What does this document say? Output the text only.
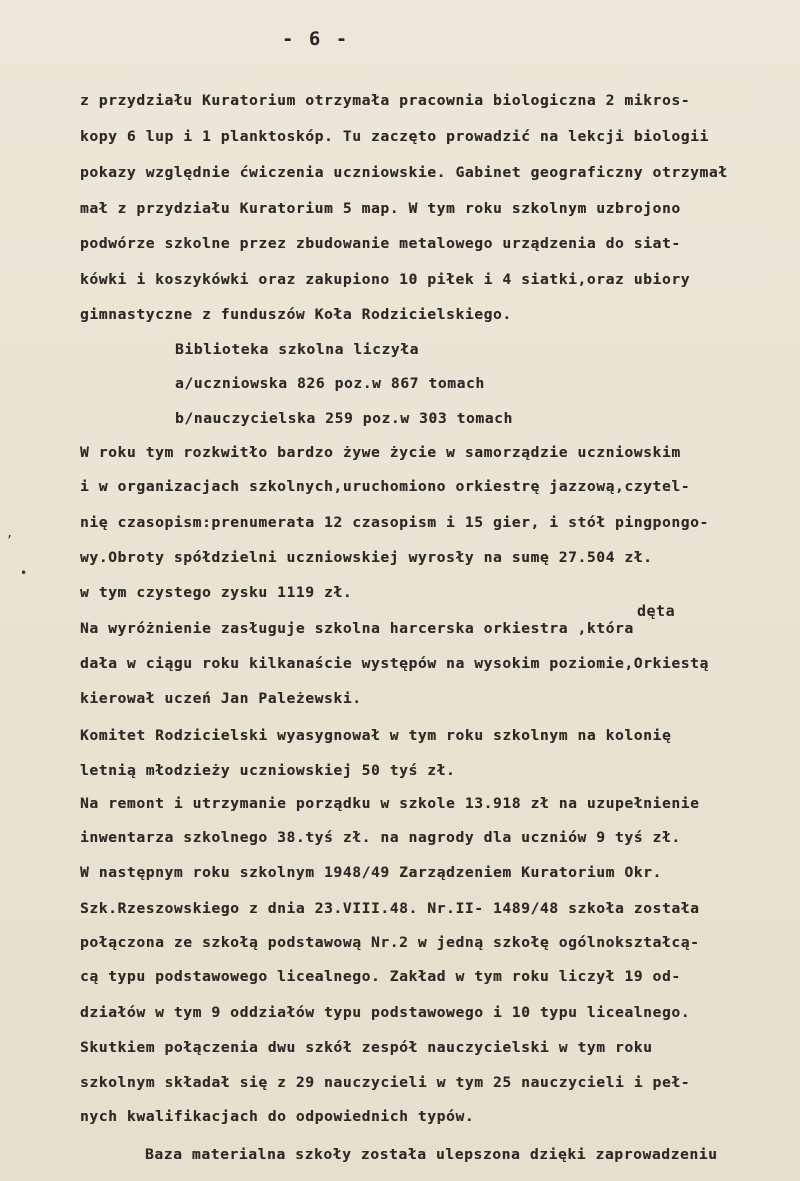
- 6 -
z przydziału Kuratorium otrzymała pracownia biologiczna 2 mikros-
kopy 6 lup i 1 planktoskóp. Tu zaczęto prowadzić na lekcji biologii
pokazy względnie ćwiczenia uczniowskie. Gabinet geograficzny otrzymał
mał z przydziału Kuratorium 5 map. W tym roku szkolnym uzbrojono
podwórze szkolne przez zbudowanie metalowego urządzenia do siat-
kówki i koszykówki oraz zakupiono 10 piłek i 4 siatki,oraz ubiory
gimnastyczne z funduszów Koła Rodzicielskiego.
Biblioteka szkolna liczyła
a/uczniowska 826 poz.w 867 tomach
b/nauczycielska 259 poz.w 303 tomach
W roku tym rozkwitło bardzo żywe życie w samorządzie uczniowskim
i w organizacjach szkolnych,uruchomiono orkiestrę jazzową,czytel-
nię czasopism:prenumerata 12 czasopism i 15 gier, i stół pingpongo-
wy.Obroty spółdzielni uczniowskiej wyrosły na sumę 27.504 zł.
w tym czystego zysku 1119 zł.
dęta
Na wyróżnienie zasługuje szkolna harcerska orkiestra ,która
dała w ciągu roku kilkanaście występów na wysokim poziomie,Orkiestą
kierował uczeń Jan Pależewski.
Komitet Rodzicielski wyasygnował w tym roku szkolnym na kolonię
letnią młodzieży uczniowskiej 50 tyś zł.
Na remont i utrzymanie porządku w szkole 13.918 zł na uzupełnienie
inwentarza szkolnego 38.tyś zł. na nagrody dla uczniów 9 tyś zł.
W następnym roku szkolnym 1948/49 Zarządzeniem Kuratorium Okr.
Szk.Rzeszowskiego z dnia 23.VIII.48. Nr.II- 1489/48 szkoła została
połączona ze szkołą podstawową Nr.2 w jedną szkołę ogólnokształcą-
cą typu podstawowego licealnego. Zakład w tym roku liczył 19 od-
działów w tym 9 oddziałów typu podstawowego i 10 typu licealnego.
Skutkiem połączenia dwu szkół zespół nauczycielski w tym roku
szkolnym składał się z 29 nauczycieli w tym 25 nauczycieli i peł-
nych kwalifikacjach do odpowiednich typów.
Baza materialna szkoły została ulepszona dzięki zaprowadzeniu
‚
•
